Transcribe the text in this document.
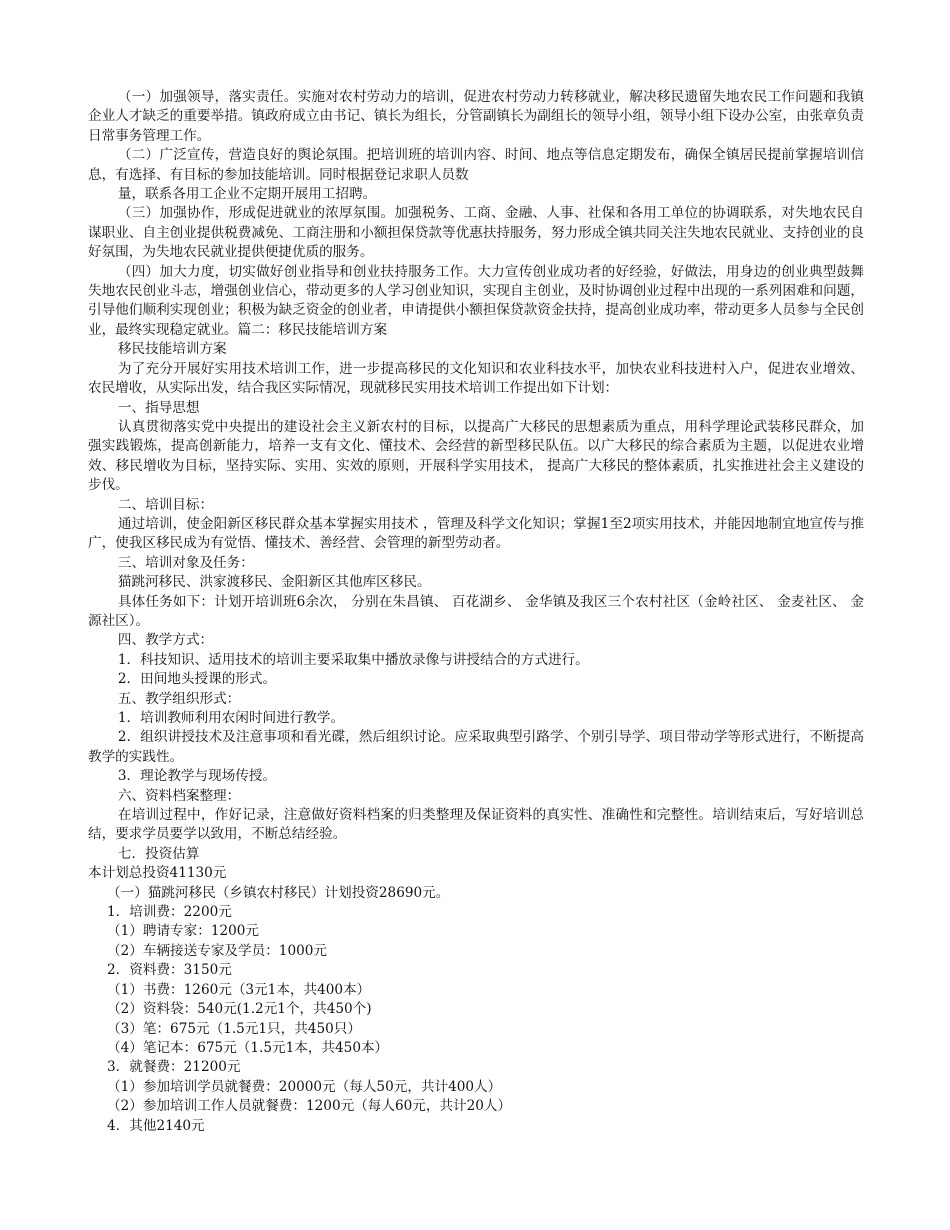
（一）加强领导，落实责任。实施对农村劳动力的培训，促进农村劳动力转移就业，解决移民遗留失地农民工作问题和我镇企业人才缺乏的重要举措。镇政府成立由书记、镇长为组长，分管副镇长为副组长的领导小组，领导小组下设办公室，由张章负责日常事务管理工作。

（二）广泛宣传，营造良好的舆论氛围。把培训班的培训内容、时间、地点等信息定期发布，确保全镇居民提前掌握培训信息，有选择、有目标的参加技能培训。同时根据登记求职人员数

量，联系各用工企业不定期开展用工招聘。

（三）加强协作，形成促进就业的浓厚氛围。加强税务、工商、金融、人事、社保和各用工单位的协调联系，对失地农民自谋职业、自主创业提供税费减免、工商注册和小额担保贷款等优惠扶持服务，努力形成全镇共同关注失地农民就业、支持创业的良好氛围，为失地农民就业提供便捷优质的服务。

（四）加大力度，切实做好创业指导和创业扶持服务工作。大力宣传创业成功者的好经验，好做法，用身边的创业典型鼓舞失地农民创业斗志，增强创业信心，带动更多的人学习创业知识，实现自主创业，及时协调创业过程中出现的一系列困难和问题，引导他们顺利实现创业；积极为缺乏资金的创业者，申请提供小额担保贷款资金扶持，提高创业成功率，带动更多人员参与全民创业，最终实现稳定就业。篇二：移民技能培训方案

移民技能培训方案

为了充分开展好实用技术培训工作，进一步提高移民的文化知识和农业科技水平，加快农业科技进村入户，促进农业增效、农民增收，从实际出发，结合我区实际情况，现就移民实用技术培训工作提出如下计划：

一、指导思想

认真贯彻落实党中央提出的建设社会主义新农村的目标，以提高广大移民的思想素质为重点，用科学理论武装移民群众，加强实践锻炼，提高创新能力，培养一支有文化、懂技术、会经营的新型移民队伍。以广大移民的综合素质为主题，以促进农业增效、移民增收为目标，坚持实际、实用、实效的原则，开展科学实用技术， 提高广大移民的整体素质，扎实推进社会主义建设的步伐。

二、培训目标：

通过培训，使金阳新区移民群众基本掌握实用技术 ，管理及科学文化知识；掌握1至2项实用技术，并能因地制宜地宣传与推广，使我区移民成为有觉悟、懂技术、善经营、会管理的新型劳动者。

三、培训对象及任务：

猫跳河移民、洪家渡移民、金阳新区其他库区移民。

具体任务如下：计划开培训班6余次， 分别在朱昌镇、 百花湖乡、 金华镇及我区三个农村社区（金岭社区、 金麦社区、 金源社区）。

四、教学方式：

1．科技知识、适用技术的培训主要采取集中播放录像与讲授结合的方式进行。

2．田间地头授课的形式。

五、教学组织形式：

1．培训教师利用农闲时间进行教学。

2．组织讲授技术及注意事项和看光碟，然后组织讨论。应采取典型引路学、个别引导学、项目带动学等形式进行，不断提高教学的实践性。

3．理论教学与现场传授。

六、资料档案整理：

在培训过程中，作好记录，注意做好资料档案的归类整理及保证资料的真实性、准确性和完整性。培训结束后，写好培训总结，要求学员要学以致用，不断总结经验。

七．投资估算

本计划总投资41130元

（一）猫跳河移民（乡镇农村移民）计划投资28690元。

1．培训费：2200元

（1）聘请专家：1200元

（2）车辆接送专家及学员：1000元

2．资料费：3150元

（1）书费：1260元（3元1本，共400本）

（2）资料袋：540元(1.2元1个，共450个)

（3）笔：675元（1.5元1只，共450只）

（4）笔记本：675元（1.5元1本，共450本）

3．就餐费：21200元

（1）参加培训学员就餐费：20000元（每人50元，共计400人）

（2）参加培训工作人员就餐费：1200元（每人60元，共计20人）

4．其他2140元
